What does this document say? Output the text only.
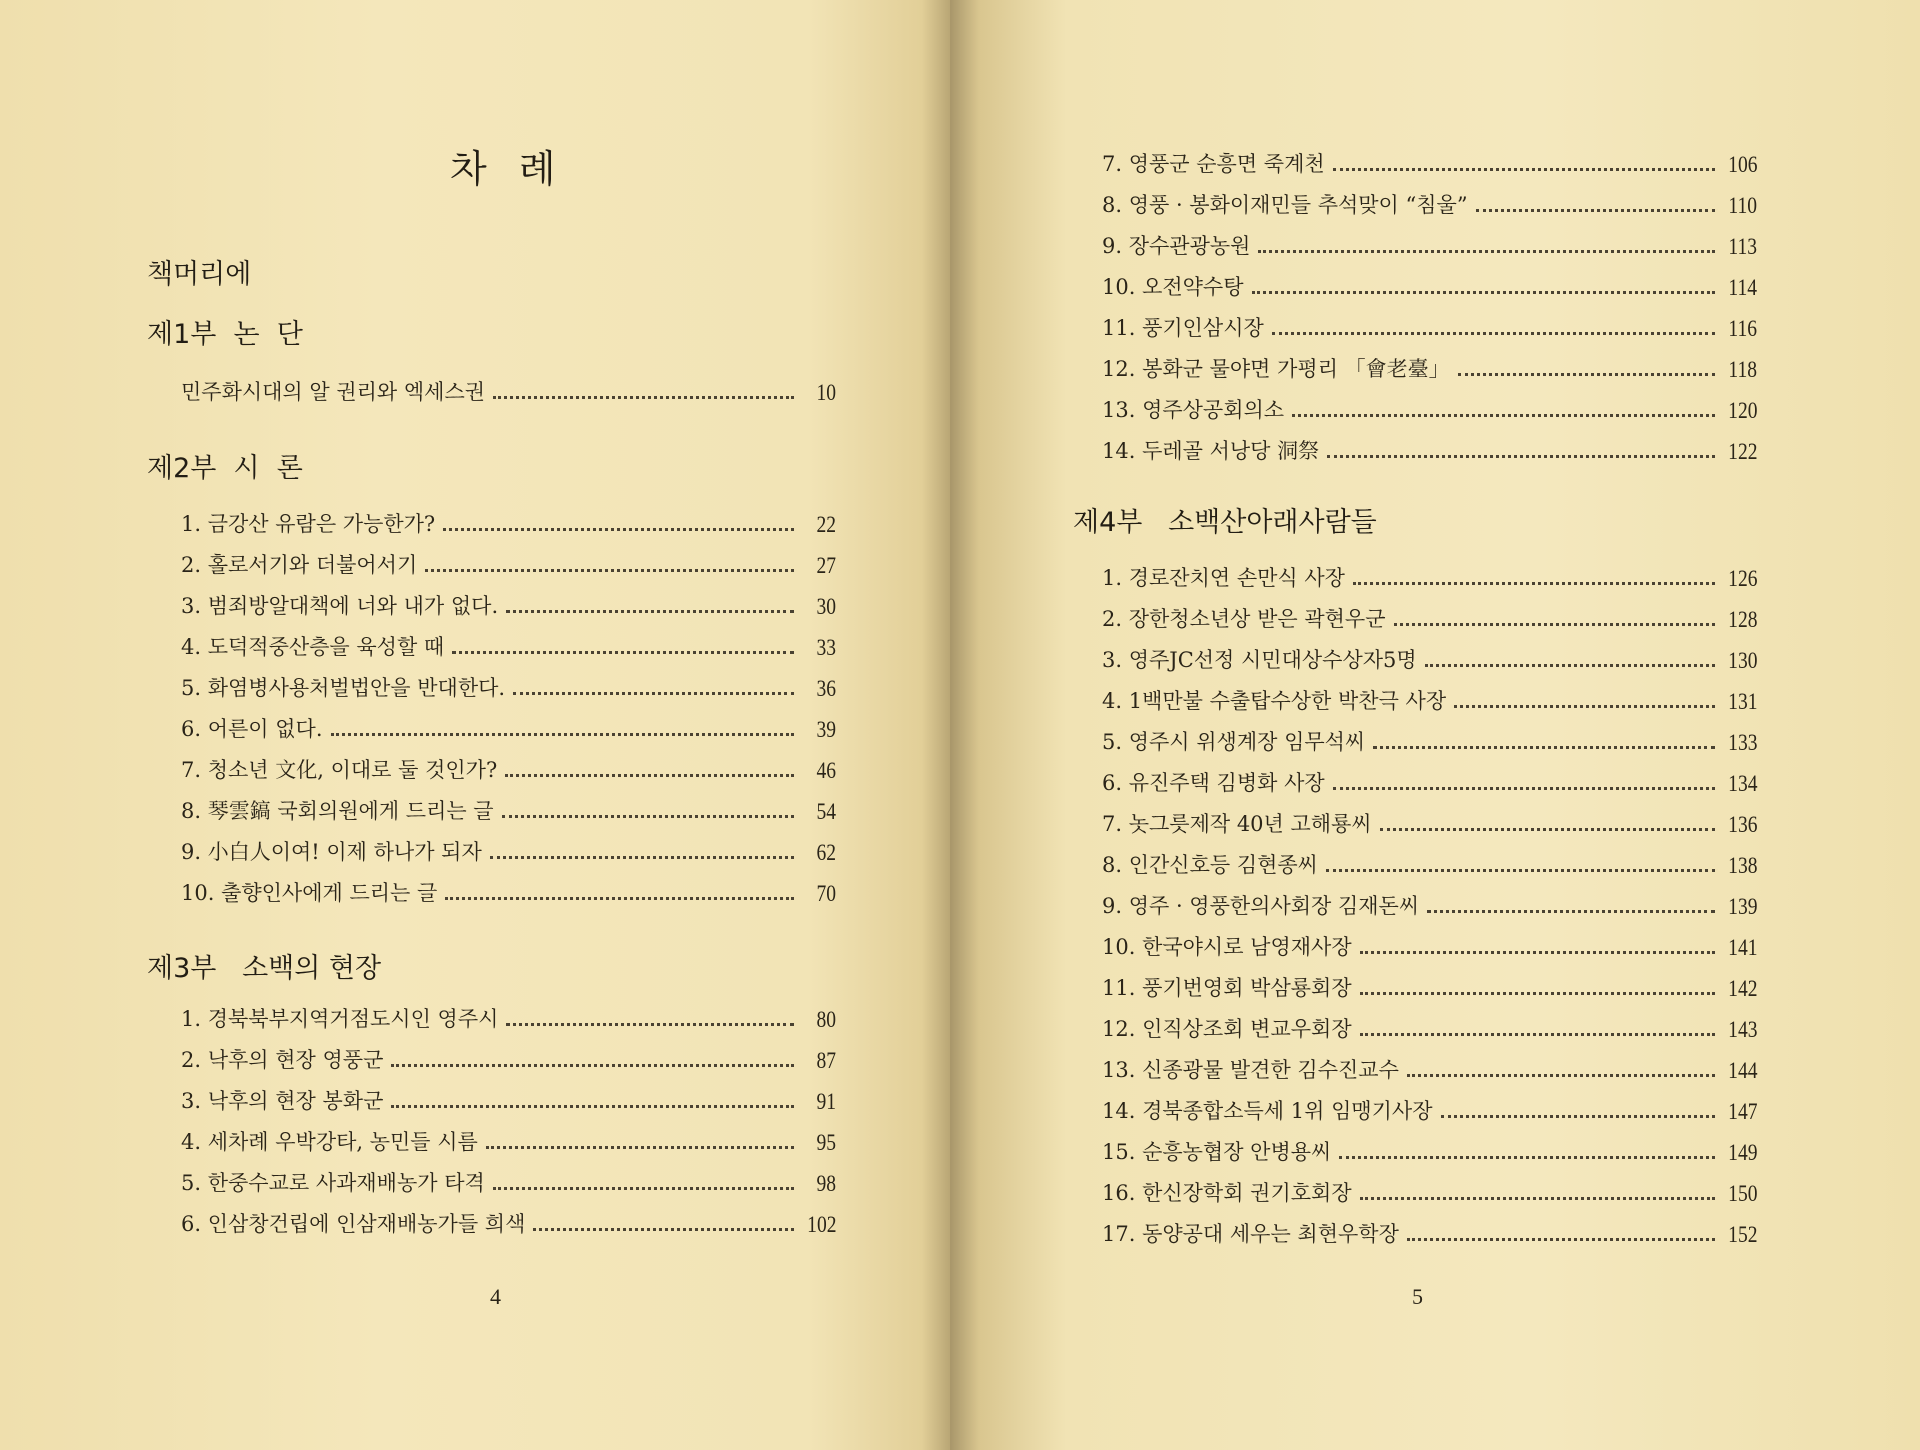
차 례
책머리에
제1부  논  단
민주화시대의 알 권리와 엑세스권	10
제2부  시  론
1. 금강산 유람은 가능한가?	22
2. 홀로서기와 더불어서기	27
3. 범죄방알대책에 너와 내가 없다.	30
4. 도덕적중산층을 육성할 때	33
5. 화염병사용처벌법안을 반대한다.	36
6. 어른이 없다.	39
7. 청소년 文化, 이대로 둘 것인가?	46
8. 琴雲鎬 국회의원에게 드리는 글	54
9. 小白人이여! 이제 하나가 되자	62
10. 출향인사에게 드리는 글	70
제3부   소백의 현장
1. 경북북부지역거점도시인 영주시	80
2. 낙후의 현장 영풍군	87
3. 낙후의 현장 봉화군	91
4. 세차례 우박강타, 농민들 시름	95
5. 한중수교로 사과재배농가 타격	98
6. 인삼창건립에 인삼재배농가들 희색	102
4
7. 영풍군 순흥면 죽계천	106
8. 영풍 · 봉화이재민들 추석맞이 “침울”	110
9. 장수관광농원	113
10. 오전약수탕	114
11. 풍기인삼시장	116
12. 봉화군 물야면 가평리 「會老臺」	118
13. 영주상공회의소	120
14. 두레골 서낭당 洞祭	122
제4부   소백산아래사람들
1. 경로잔치연 손만식 사장	126
2. 장한청소년상 받은 곽현우군	128
3. 영주JC선정 시민대상수상자5명	130
4. 1백만불 수출탑수상한 박찬극 사장	131
5. 영주시 위생계장 임무석씨	133
6. 유진주택 김병화 사장	134
7. 놋그릇제작 40년 고해룡씨	136
8. 인간신호등 김현종씨	138
9. 영주 · 영풍한의사회장 김재돈씨	139
10. 한국야시로 남영재사장	141
11. 풍기번영회 박삼룡회장	142
12. 인직상조회 변교우회장	143
13. 신종광물 발견한 김수진교수	144
14. 경북종합소득세 1위 임맹기사장	147
15. 순흥농협장 안병용씨	149
16. 한신장학회 권기호회장	150
17. 동양공대 세우는 최현우학장	152
5
